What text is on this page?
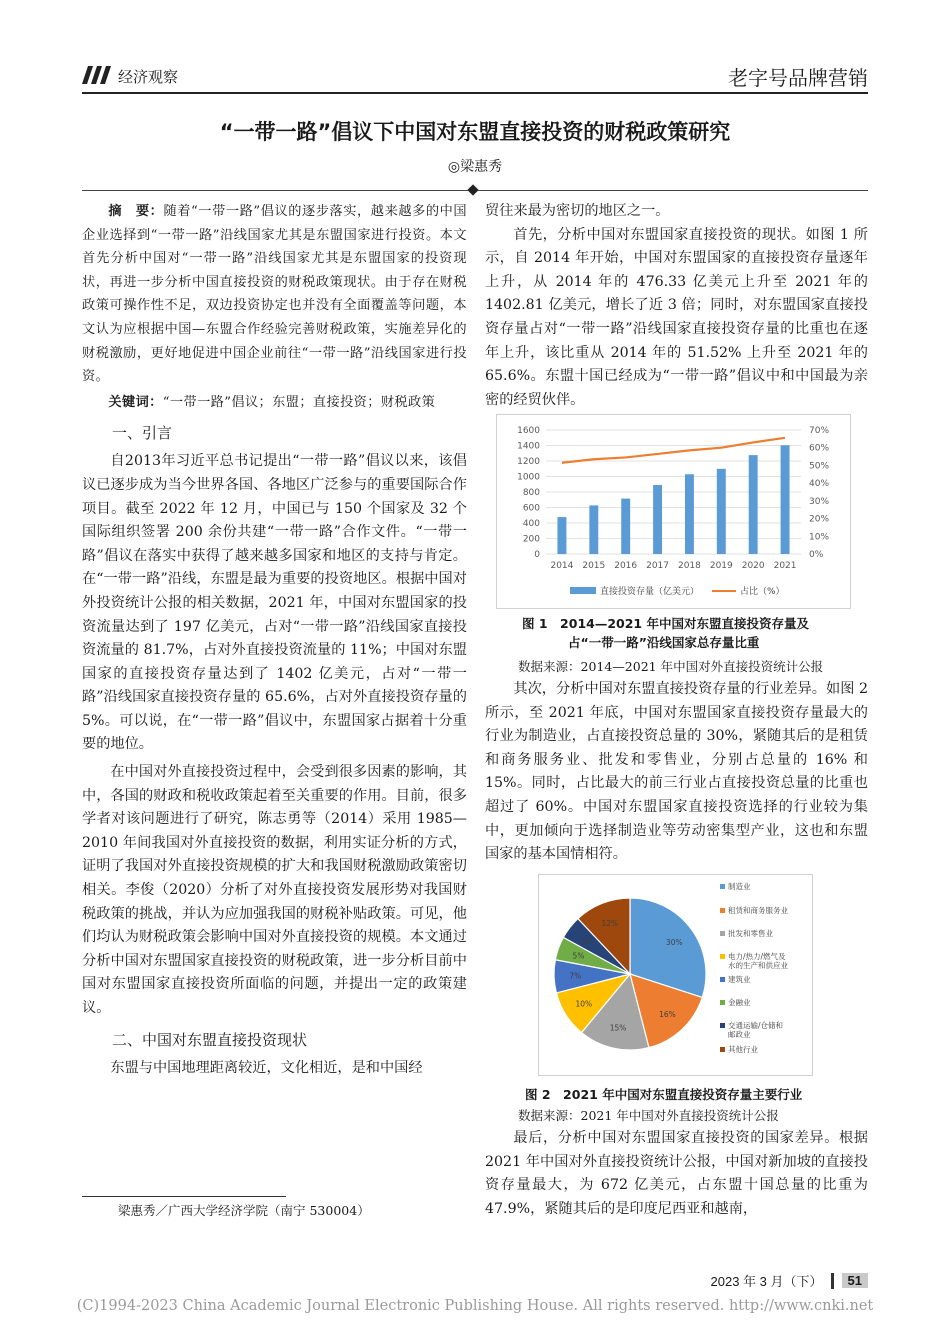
经济观察	老字号品牌营销
“一带一路”倡议下中国对东盟直接投资的财税政策研究
◎梁惠秀

摘　要：随着“一带一路”倡议的逐步落实，越来越多的中国企业选择到“一带一路”沿线国家尤其是东盟国家进行投资。本文首先分析中国对“一带一路”沿线国家尤其是东盟国家的投资现状，再进一步分析中国直接投资的财税政策现状。由于存在财税政策可操作性不足，双边投资协定也并没有全面覆盖等问题，本文认为应根据中国—东盟合作经验完善财税政策，实施差异化的财税激励，更好地促进中国企业前往“一带一路”沿线国家进行投资。

关键词：“一带一路”倡议；东盟；直接投资；财税政策

一、引言

自2013年习近平总书记提出“一带一路”倡议以来，该倡议已逐步成为当今世界各国、各地区广泛参与的重要国际合作项目。截至 2022 年 12 月，中国已与 150 个国家及 32 个国际组织签署 200 余份共建“一带一路”合作文件。“一带一路”倡议在落实中获得了越来越多国家和地区的支持与肯定。在“一带一路”沿线，东盟是最为重要的投资地区。根据中国对外投资统计公报的相关数据，2021 年，中国对东盟国家的投资流量达到了 197 亿美元，占对“一带一路”沿线国家直接投资流量的 81.7%，占对外直接投资流量的 11%；中国对东盟国家的直接投资存量达到了 1402 亿美元，占对“一带一路”沿线国家直接投资存量的 65.6%，占对外直接投资存量的 5%。可以说，在“一带一路”倡议中，东盟国家占据着十分重要的地位。

在中国对外直接投资过程中，会受到很多因素的影响，其中，各国的财政和税收政策起着至关重要的作用。目前，很多学者对该问题进行了研究，陈志勇等（2014）采用 1985—2010 年间我国对外直接投资的数据，利用实证分析的方式，证明了我国对外直接投资规模的扩大和我国财税激励政策密切相关。李俊（2020）分析了对外直接投资发展形势对我国财税政策的挑战，并认为应加强我国的财税补贴政策。可见，他们均认为财税政策会影响中国对外直接投资的规模。本文通过分析中国对东盟国家直接投资的财税政策，进一步分析目前中国对东盟国家直接投资所面临的问题，并提出一定的政策建议。

二、中国对东盟直接投资现状

东盟与中国地理距离较近，文化相近，是和中国经

梁惠秀／广西大学经济学院（南宁 530004）

贸往来最为密切的地区之一。

首先，分析中国对东盟国家直接投资的现状。如图 1 所示，自 2014 年开始，中国对东盟国家的直接投资存量逐年上升，从 2014 年的 476.33 亿美元上升至 2021 年的 1402.81 亿美元，增长了近 3 倍；同时，对东盟国家直接投资存量占对“一带一路”沿线国家直接投资存量的比重也在逐年上升，该比重从 2014 年的 51.52% 上升至 2021 年的 65.6%。东盟十国已经成为“一带一路”倡议中和中国最为亲密的经贸伙伴。

0
200
400
600
800
1000
1200
1400
1600
0%
10%
20%
30%
40%
50%
60%
70%
2014 2015 2016 2017 2018 2019 2020 2021
直接投资存量（亿美元）	占比（%）
图 1　2014—2021 年中国对东盟直接投资存量及
占“一带一路”沿线国家总存量比重
数据来源：2014—2021 年中国对外直接投资统计公报

其次，分析中国对东盟直接投资存量的行业差异。如图 2 所示，至 2021 年底，中国对东盟国家直接投资存量最大的行业为制造业，占直接投资总量的 30%，紧随其后的是租赁和商务服务业、批发和零售业，分别占总量的 16% 和 15%。同时，占比最大的前三行业占直接投资总量的比重也超过了 60%。中国对东盟国家直接投资选择的行业较为集中，更加倾向于选择制造业等劳动密集型产业，这也和东盟国家的基本国情相符。

30%
16%
15%
10%
7%
5%
5%
12%
制造业
租赁和商务服务业
批发和零售业
电力/热力/燃气及水的生产和供应业
建筑业
金融业
交通运输/仓储和邮政业
其他行业
图 2　2021 年中国对东盟直接投资存量主要行业
数据来源：2021 年中国对外直接投资统计公报

最后，分析中国对东盟国家直接投资的国家差异。根据 2021 年中国对外直接投资统计公报，中国对新加坡的直接投资存量最大，为 672 亿美元，占东盟十国总量的比重为 47.9%，紧随其后的是印度尼西亚和越南，

2023 年 3 月（下）	51
(C)1994-2023 China Academic Journal Electronic Publishing House. All rights reserved. http://www.cnki.net
